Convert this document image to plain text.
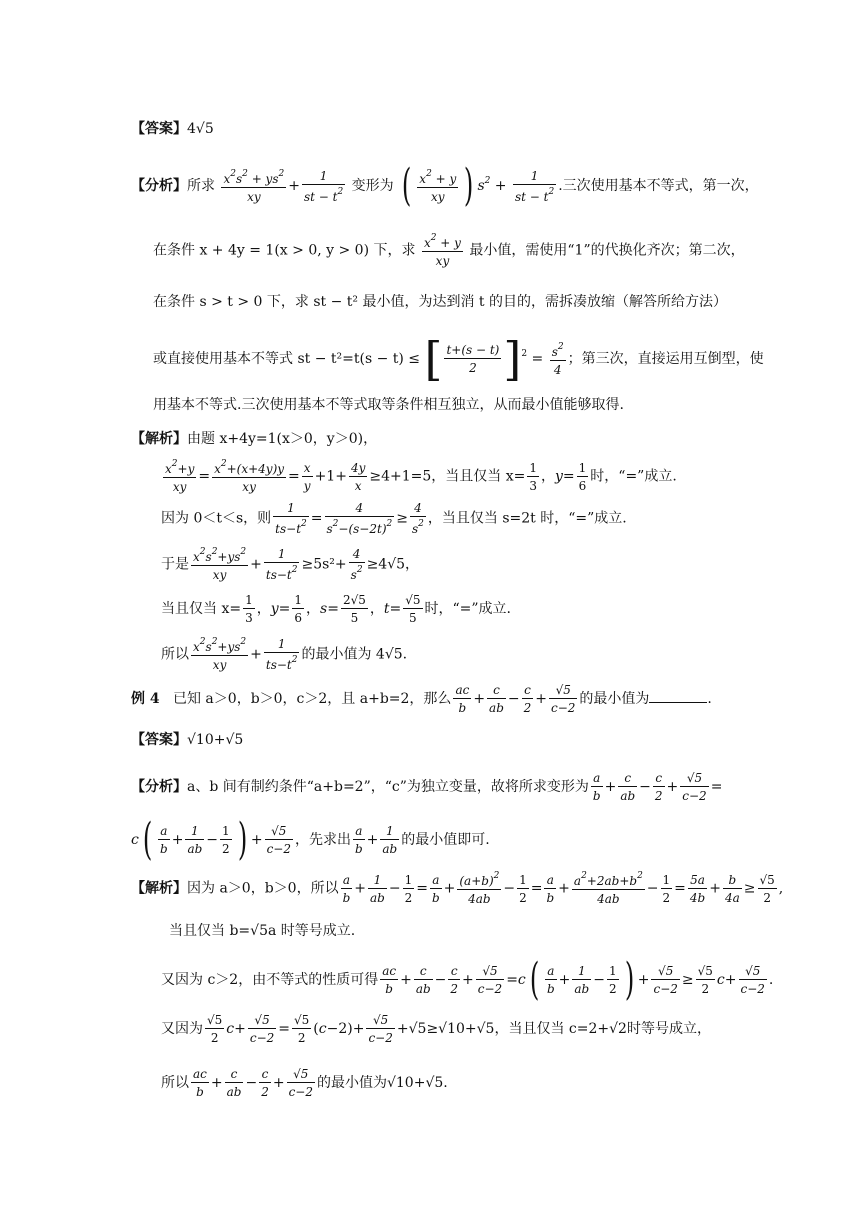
【答案】4√5
【分析】所求 $\frac{x^2s^2 + ys^2}{xy} + \frac{1}{st - t^2}$ 变形为 ( $\frac{x^2 + y}{xy}$ ) $s^2 + \frac{1}{st - t^2}$ .三次使用基本不等式，第一次，
在条件 x + 4y = 1(x > 0, y > 0) 下，求 $\frac{x^2 + y}{xy}$ 最小值，需使用“1”的代换化齐次；第二次，
在条件 s > t > 0 下，求 st − t² 最小值，为达到消 t 的目的，需拆凑放缩（解答所给方法）
或直接使用基本不等式 st − t²=t(s − t) ≤ [ $\frac{t+(s - t)}{2} ]^2 = \frac{s^2}{4}$ ；第三次，直接运用互倒型，使
用基本不等式.三次使用基本不等式取等条件相互独立，从而最小值能够取得.
【解析】由题 x+4y=1(x＞0，y＞0)，
$\frac{x^2+y}{xy} = \frac{x^2+(x+4y)y}{xy} = \frac{x}{y} +1+ \frac{4y}{x} \ge 4+1=5$，当且仅当 $x= \frac{1}{3}$ ，$y= \frac{1}{6}$ 时，“=”成立.
因为 0＜t＜s，则 $\frac{1}{ts-t^2} = \frac{4}{s^2-(s-2t)^2} \ge \frac{4}{s^2}$ ，当且仅当 s=2t 时，“=”成立.
于是 $\frac{x^2s^2+ys^2}{xy} + \frac{1}{ts-t^2} \ge 5s^2+ \frac{4}{s^2} \ge 4√5$，
当且仅当 $x= \frac{1}{3}$ ，$y= \frac{1}{6}$ ，$s= \frac{2√5}{5}$ ，$t= \frac{√5}{5}$ 时，“=”成立.
所以 $\frac{x^2s^2+ys^2}{xy} + \frac{1}{ts-t^2}$ 的最小值为 4√5.
例 4 已知 a＞0，b＞0，c＞2，且 a+b=2，那么 $\frac{ac}{b} + \frac{c}{ab} - \frac{c}{2} + \frac{√5}{c-2}$ 的最小值为	.
【答案】√10+√5
【分析】a、b 间有制约条件“a+b=2”，“c”为独立变量，故将所求变形为 $\frac{a}{b} + \frac{c}{ab} - \frac{c}{2} + \frac{√5}{c-2}$ =
$c( \frac{a}{b} + \frac{1}{ab} - \frac{1}{2}$ ) + $\frac{√5}{c-2}$ ，先求出 $\frac{a}{b} + \frac{1}{ab}$ 的最小值即可.
【解析】因为 a＞0，b＞0，所以 $\frac{a}{b} + \frac{1}{ab} - \frac{1}{2} = \frac{a}{b} + \frac{(a+b)^2}{4ab} - \frac{1}{2} = \frac{a}{b} + \frac{a^2+2ab+b^2}{4ab} - \frac{1}{2} = \frac{5a}{4b} + \frac{b}{4a} \ge \frac{√5}{2}$ ,
当且仅当 b=√5a 时等号成立.
又因为 c＞2，由不等式的性质可得 $\frac{ac}{b} + \frac{c}{ab} - \frac{c}{2} + \frac{√5}{c-2} =c( \frac{a}{b} + \frac{1}{ab} - \frac{1}{2}$ ) + $\frac{√5}{c-2} \ge \frac{√5}{2} c+ \frac{√5}{c-2}$ .
又因为 $\frac{√5}{2} c+ \frac{√5}{c-2} = \frac{√5}{2} (c-2)+ \frac{√5}{c-2} +√5\ge√10+√5$，当且仅当 c=2+√2时等号成立，
所以 $\frac{ac}{b} + \frac{c}{ab} - \frac{c}{2} + \frac{√5}{c-2}$ 的最小值为√10+√5.
